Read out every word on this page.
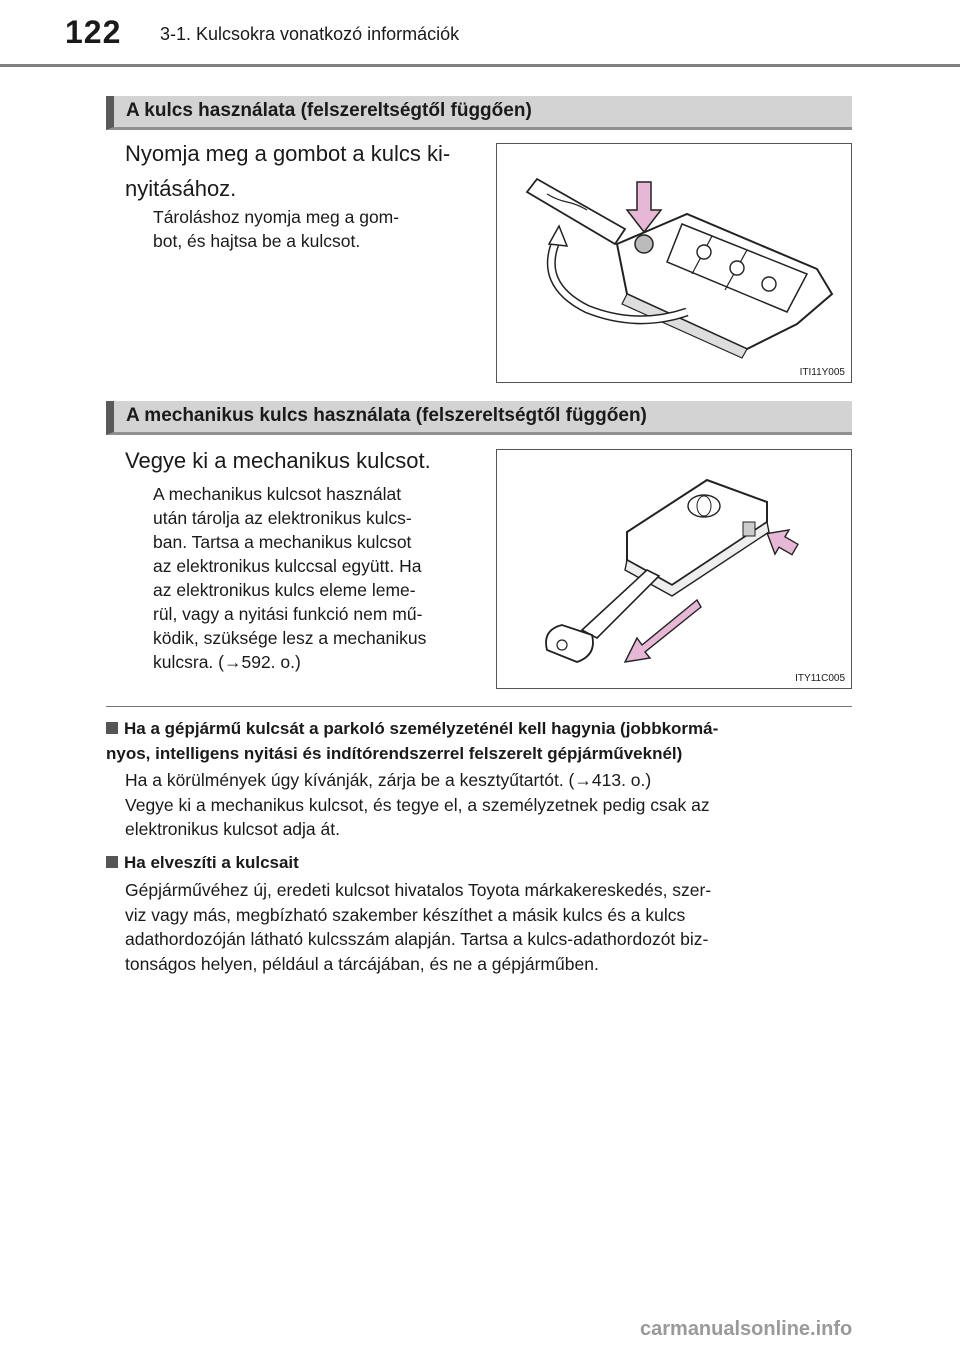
122 3-1. Kulcsokra vonatkozó információk
A kulcs használata (felszereltségtől függően)
Nyomja meg a gombot a kulcs ki-
nyitásához.
Tároláshoz nyomja meg a gom-
bot, és hajtsa be a kulcsot.
ITI11Y005
A mechanikus kulcs használata (felszereltségtől függően)
Vegye ki a mechanikus kulcsot.
A mechanikus kulcsot használat
után tárolja az elektronikus kulcs-
ban. Tartsa a mechanikus kulcsot
az elektronikus kulccsal együtt. Ha
az elektronikus kulcs eleme leme-
rül, vagy a nyitási funkció nem mű-
ködik, szüksége lesz a mechanikus
kulcsra. (→592. o.)
ITY11C005
Ha a gépjármű kulcsát a parkoló személyzeténél kell hagynia (jobbkormá-
nyos, intelligens nyitási és indítórendszerrel felszerelt gépjárműveknél)
Ha a körülmények úgy kívánják, zárja be a kesztyűtartót. (→413. o.)
Vegye ki a mechanikus kulcsot, és tegye el, a személyzetnek pedig csak az
elektronikus kulcsot adja át.
Ha elveszíti a kulcsait
Gépjárművéhez új, eredeti kulcsot hivatalos Toyota márkakereskedés, szer-
viz vagy más, megbízható szakember készíthet a másik kulcs és a kulcs
adathordozóján látható kulcsszám alapján. Tartsa a kulcs-adathordozót biz-
tonságos helyen, például a tárcájában, és ne a gépjárműben.
carmanualsonline.info
